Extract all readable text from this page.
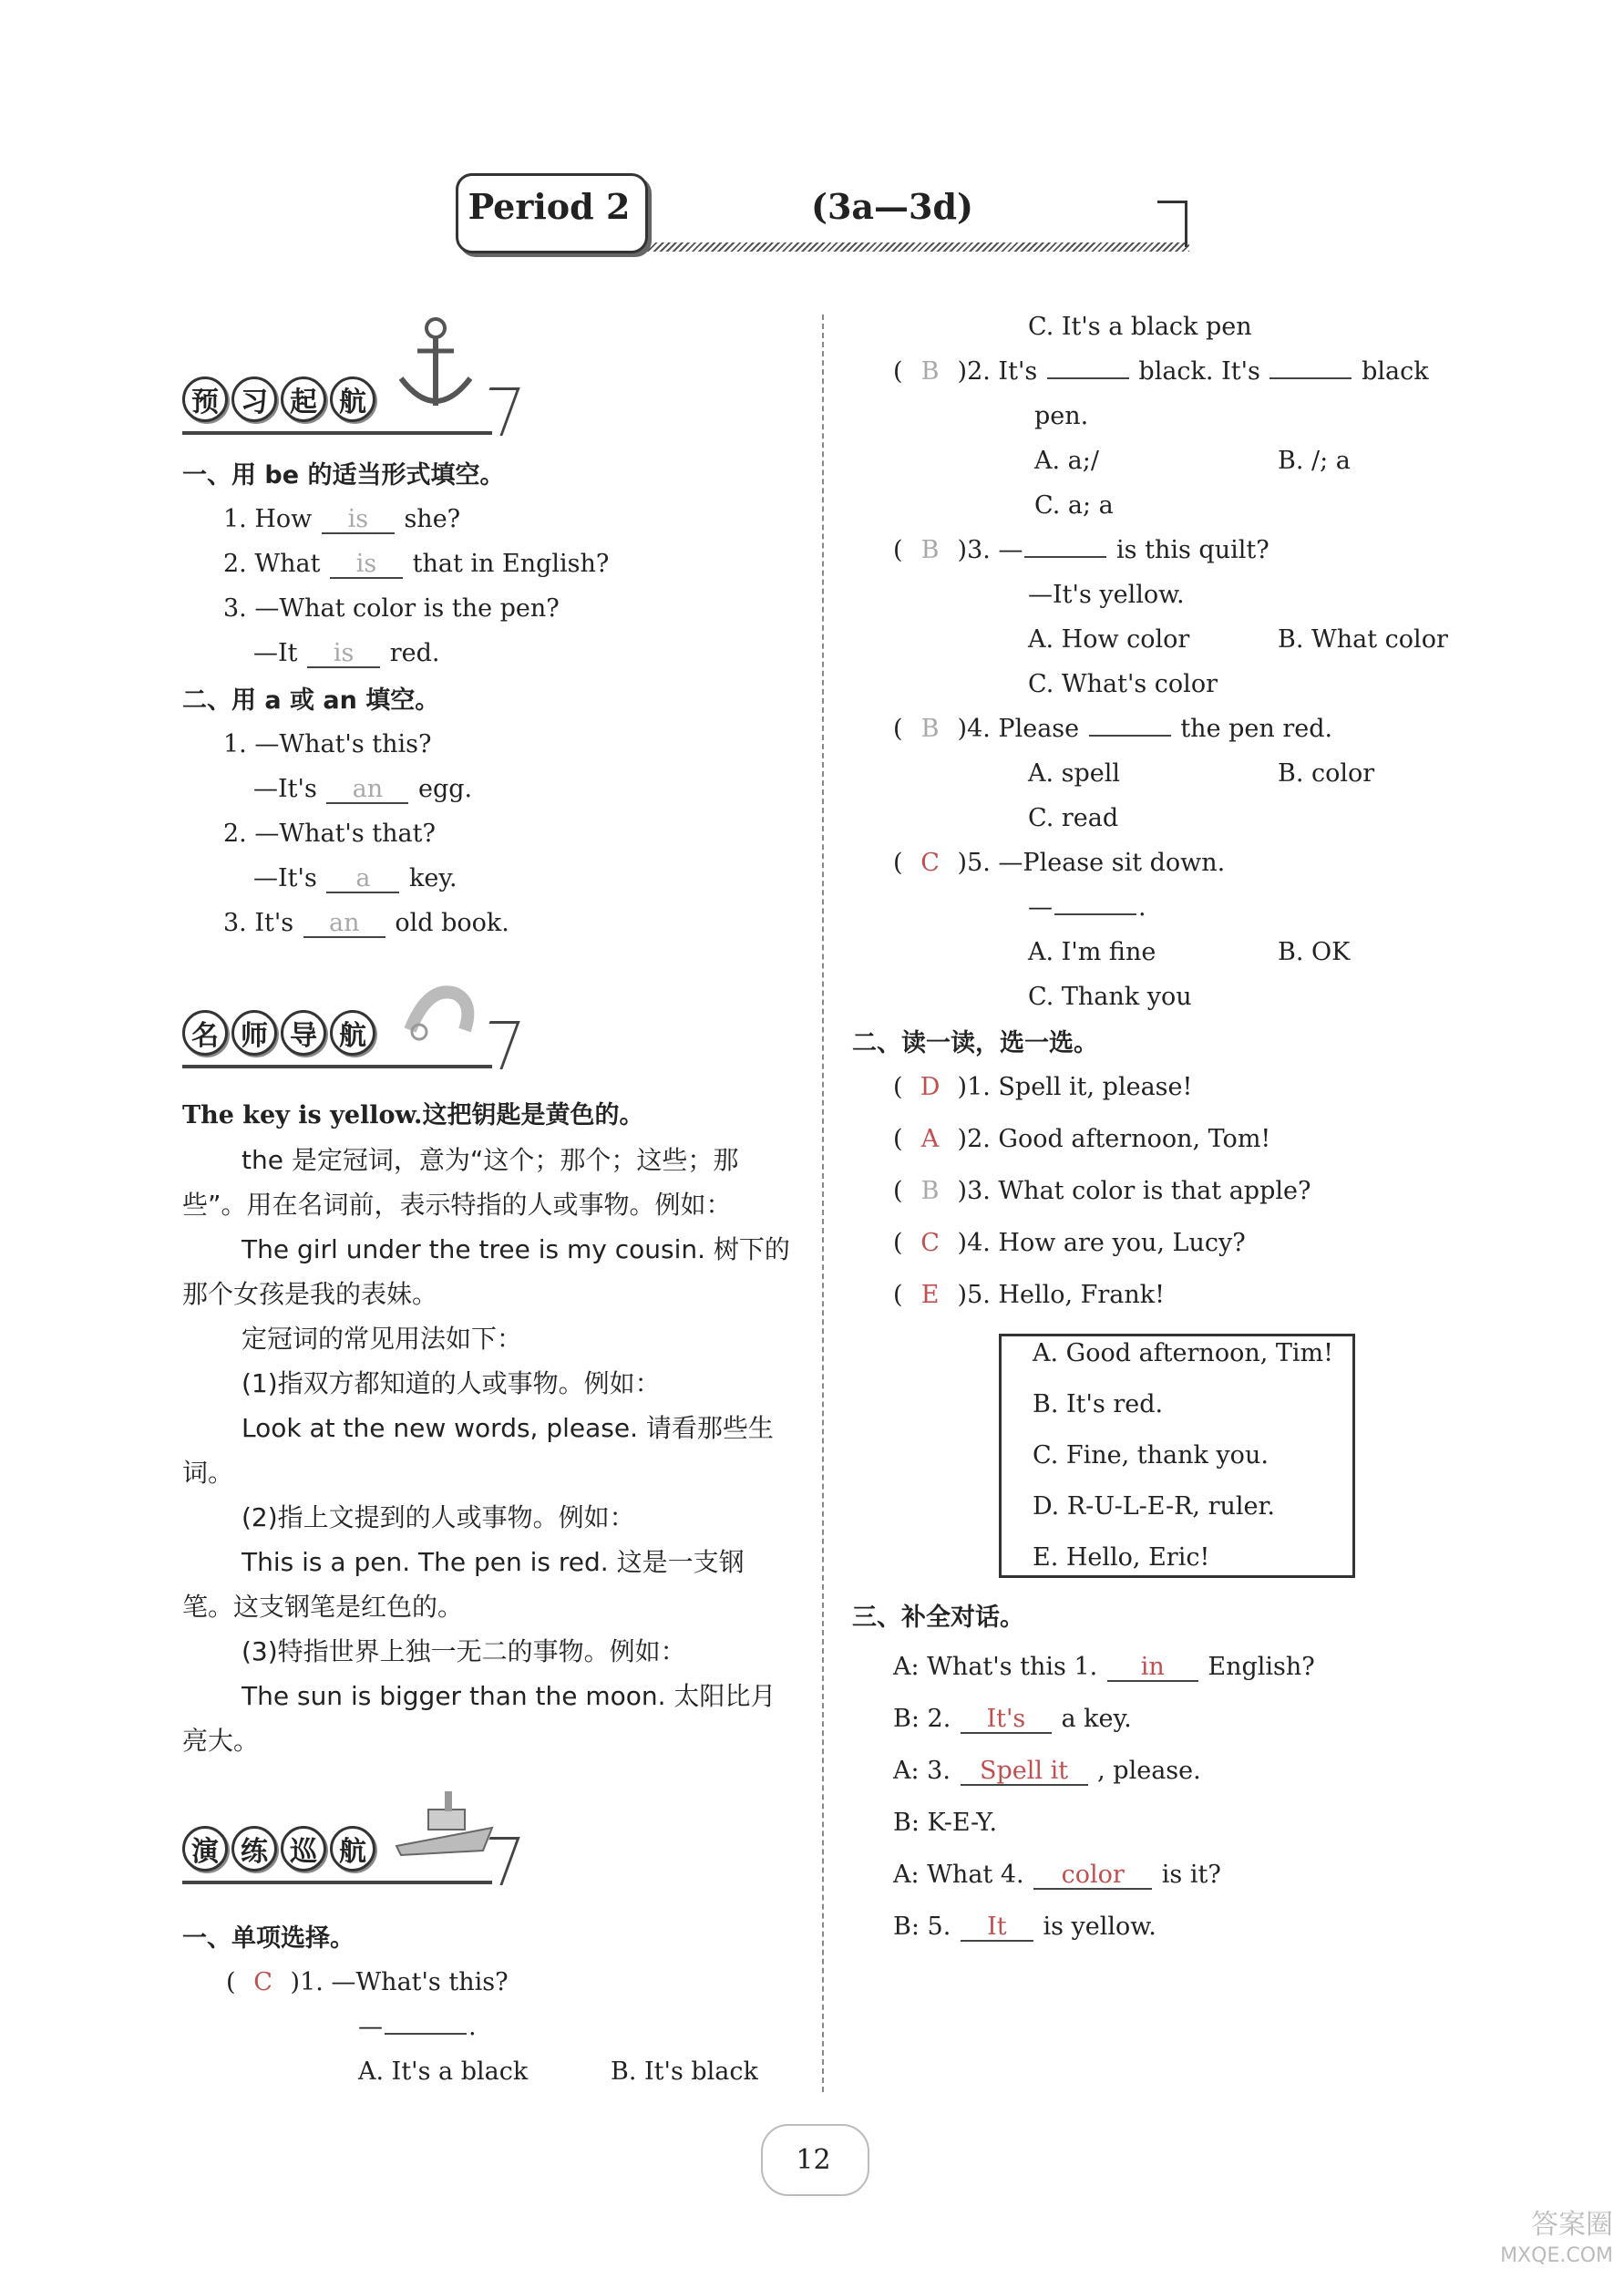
Period 2	(3a—3d)
预 习 起 航
一、用 be 的适当形式填空。
1. How is she?
2. What is that in English?
3. —What color is the pen?
—It is red.
二、用 a 或 an 填空。
1. —What's this?
—It's an egg.
2. —What's that?
—It's a key.
3. It's an old book.
名 师 导 航
The key is yellow.这把钥匙是黄色的。
the 是定冠词，意为“这个；那个；这些；那
些”。用在名词前，表示特指的人或事物。例如：
The girl under the tree is my cousin. 树下的
那个女孩是我的表妹。
定冠词的常见用法如下：
(1)指双方都知道的人或事物。例如：
Look at the new words, please. 请看那些生
词。
(2)指上文提到的人或事物。例如：
This is a pen. The pen is red. 这是一支钢
笔。这支钢笔是红色的。
(3)特指世界上独一无二的事物。例如：
The sun is bigger than the moon. 太阳比月
亮大。
演 练 巡 航
一、单项选择。
( C )1. —What's this?
—	.
A. It's a black	B. It's black
C. It's a black pen
( B )2. It's	black. It's	black
pen.
A. a;/	B. /; a
C. a; a
( B )3. —	is this quilt?
—It's yellow.
A. How color	B. What color
C. What's color
( B )4. Please	the pen red.
A. spell	B. color
C. read
( C )5. —Please sit down.
—	.
A. I'm fine	B. OK
C. Thank you
二、读一读，选一选。
( D )1. Spell it, please!
( A )2. Good afternoon, Tom!
( B )3. What color is that apple?
( C )4. How are you, Lucy?
( E )5. Hello, Frank!
A. Good afternoon, Tim!
B. It's red.
C. Fine, thank you.
D. R-U-L-E-R, ruler.
E. Hello, Eric!
三、补全对话。
A: What's this 1. in English?
B: 2. It's a key.
A: 3. Spell it , please.
B: K-E-Y.
A: What 4. color is it?
B: 5. It is yellow.
12
答案圈
MXQE.COM
